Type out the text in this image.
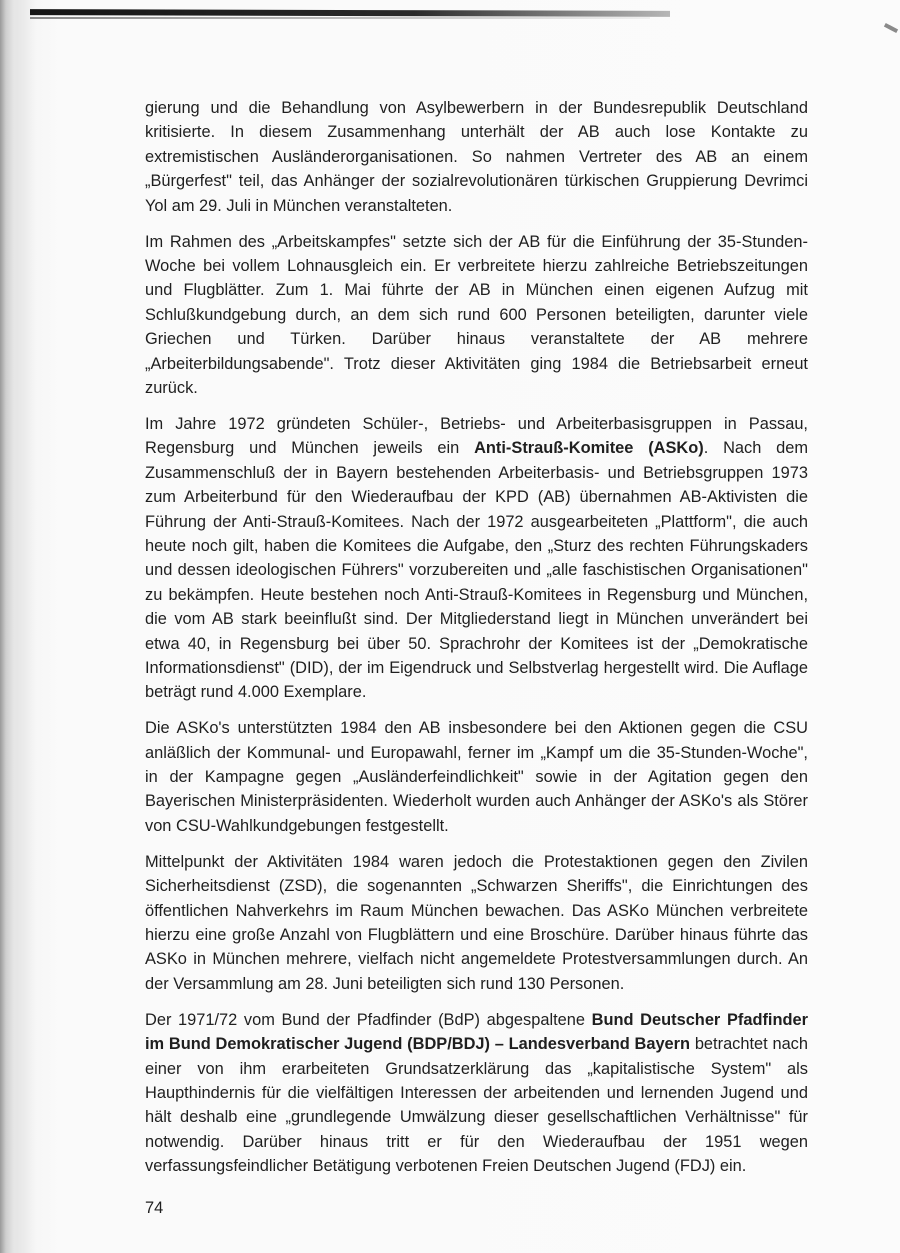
gierung und die Behandlung von Asylbewerbern in der Bundesrepublik Deutschland kritisierte. In diesem Zusammenhang unterhält der AB auch lose Kontakte zu extremistischen Ausländerorganisationen. So nahmen Vertreter des AB an einem „Bürgerfest" teil, das Anhänger der sozialrevolutionären türkischen Gruppierung Devrimci Yol am 29. Juli in München veranstalteten.

Im Rahmen des „Arbeitskampfes" setzte sich der AB für die Einführung der 35-Stunden-Woche bei vollem Lohnausgleich ein. Er verbreitete hierzu zahlreiche Betriebszeitungen und Flugblätter. Zum 1. Mai führte der AB in München einen eigenen Aufzug mit Schlußkundgebung durch, an dem sich rund 600 Personen beteiligten, darunter viele Griechen und Türken. Darüber hinaus veranstaltete der AB mehrere „Arbeiterbildungsabende". Trotz dieser Aktivitäten ging 1984 die Betriebsarbeit erneut zurück.

Im Jahre 1972 gründeten Schüler-, Betriebs- und Arbeiterbasisgruppen in Passau, Regensburg und München jeweils ein Anti-Strauß-Komitee (ASKo). Nach dem Zusammenschluß der in Bayern bestehenden Arbeiterbasis- und Betriebsgruppen 1973 zum Arbeiterbund für den Wiederaufbau der KPD (AB) übernahmen AB-Aktivisten die Führung der Anti-Strauß-Komitees. Nach der 1972 ausgearbeiteten „Plattform", die auch heute noch gilt, haben die Komitees die Aufgabe, den „Sturz des rechten Führungskaders und dessen ideologischen Führers" vorzubereiten und „alle faschistischen Organisationen" zu bekämpfen. Heute bestehen noch Anti-Strauß-Komitees in Regensburg und München, die vom AB stark beeinflußt sind. Der Mitgliederstand liegt in München unverändert bei etwa 40, in Regensburg bei über 50. Sprachrohr der Komitees ist der „Demokratische Informationsdienst" (DID), der im Eigendruck und Selbstverlag hergestellt wird. Die Auflage beträgt rund 4.000 Exemplare.

Die ASKo's unterstützten 1984 den AB insbesondere bei den Aktionen gegen die CSU anläßlich der Kommunal- und Europawahl, ferner im „Kampf um die 35-Stunden-Woche", in der Kampagne gegen „Ausländerfeindlichkeit" sowie in der Agitation gegen den Bayerischen Ministerpräsidenten. Wiederholt wurden auch Anhänger der ASKo's als Störer von CSU-Wahlkundgebungen festgestellt.

Mittelpunkt der Aktivitäten 1984 waren jedoch die Protestaktionen gegen den Zivilen Sicherheitsdienst (ZSD), die sogenannten „Schwarzen Sheriffs", die Einrichtungen des öffentlichen Nahverkehrs im Raum München bewachen. Das ASKo München verbreitete hierzu eine große Anzahl von Flugblättern und eine Broschüre. Darüber hinaus führte das ASKo in München mehrere, vielfach nicht angemeldete Protestversammlungen durch. An der Versammlung am 28. Juni beteiligten sich rund 130 Personen.

Der 1971/72 vom Bund der Pfadfinder (BdP) abgespaltene Bund Deutscher Pfadfinder im Bund Demokratischer Jugend (BDP/BDJ) – Landesverband Bayern betrachtet nach einer von ihm erarbeiteten Grundsatzerklärung das „kapitalistische System" als Haupthindernis für die vielfältigen Interessen der arbeitenden und lernenden Jugend und hält deshalb eine „grundlegende Umwälzung dieser gesellschaftlichen Verhältnisse" für notwendig. Darüber hinaus tritt er für den Wiederaufbau der 1951 wegen verfassungsfeindlicher Betätigung verbotenen Freien Deutschen Jugend (FDJ) ein.

74
